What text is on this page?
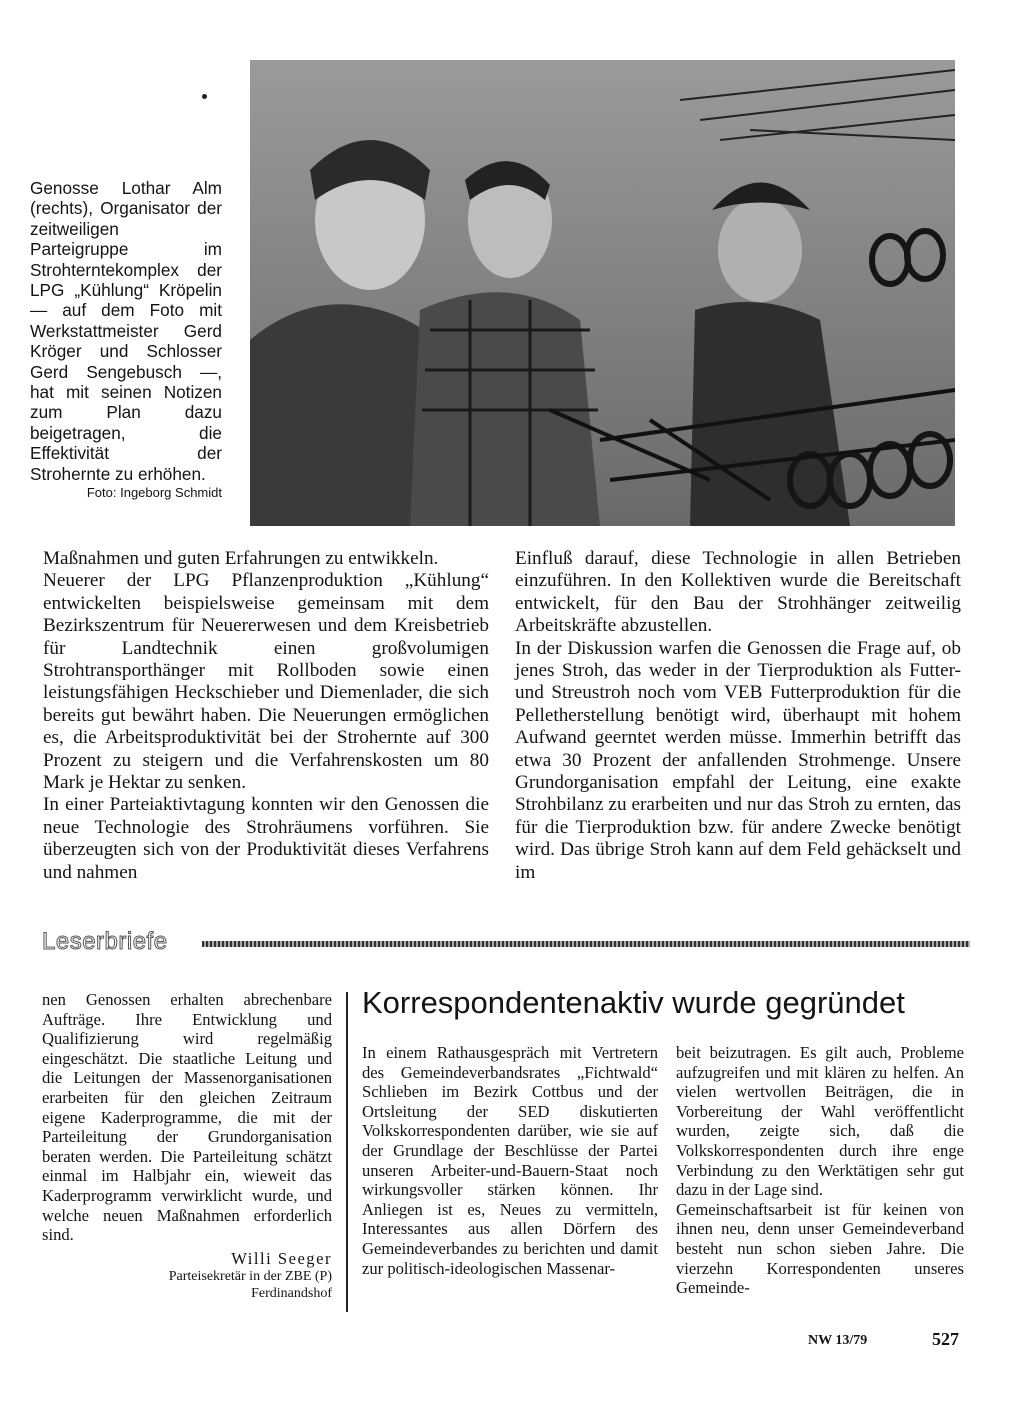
Genosse Lothar Alm (rechts), Organisator der zeitweiligen Parteigruppe im Strohterntekomplex der LPG „Kühlung“ Kröpelin — auf dem Foto mit Werkstattmeister Gerd Kröger und Schlosser Gerd Sengebusch —, hat mit seinen Notizen zum Plan dazu beigetragen, die Effektivität der Strohernte zu erhöhen.
Foto: Ingeborg Schmidt

Maßnahmen und guten Erfahrungen zu entwikkeln.

Neuerer der LPG Pflanzenproduktion „Kühlung“ entwickelten beispielsweise gemeinsam mit dem Bezirkszentrum für Neuererwesen und dem Kreisbetrieb für Landtechnik einen großvolumigen Strohtransporthänger mit Rollboden sowie einen leistungsfähigen Heckschieber und Diemenlader, die sich bereits gut bewährt haben. Die Neuerungen ermöglichen es, die Arbeitsproduktivität bei der Strohernte auf 300 Prozent zu steigern und die Verfahrenskosten um 80 Mark je Hektar zu senken.

In einer Parteiaktivtagung konnten wir den Genossen die neue Technologie des Strohräumens vorführen. Sie überzeugten sich von der Produktivität dieses Verfahrens und nahmen

Einfluß darauf, diese Technologie in allen Betrieben einzuführen. In den Kollektiven wurde die Bereitschaft entwickelt, für den Bau der Strohhänger zeitweilig Arbeitskräfte abzustellen.

In der Diskussion warfen die Genossen die Frage auf, ob jenes Stroh, das weder in der Tierproduktion als Futter- und Streustroh noch vom VEB Futterproduktion für die Pelletherstellung benötigt wird, überhaupt mit hohem Aufwand geerntet werden müsse. Immerhin betrifft das etwa 30 Prozent der anfallenden Strohmenge. Unsere Grundorganisation empfahl der Leitung, eine exakte Strohbilanz zu erarbeiten und nur das Stroh zu ernten, das für die Tierproduktion bzw. für andere Zwecke benötigt wird. Das übrige Stroh kann auf dem Feld gehäckselt und im

Leserbriefe

nen Genossen erhalten abrechenbare Aufträge. Ihre Entwicklung und Qualifizierung wird regelmäßig eingeschätzt. Die staatliche Leitung und die Leitungen der Massenorganisationen erarbeiten für den gleichen Zeitraum eigene Kaderprogramme, die mit der Parteileitung der Grundorganisation beraten werden. Die Parteileitung schätzt einmal im Halbjahr ein, wieweit das Kaderprogramm verwirklicht wurde, und welche neuen Maßnahmen erforderlich sind.

Willi Seeger

Parteisekretär in der ZBE (P)

Ferdinandshof

Korrespondentenaktiv wurde gegründet

In einem Rathausgespräch mit Vertretern des Gemeindeverbandsrates „Fichtwald“ Schlieben im Bezirk Cottbus und der Ortsleitung der SED diskutierten Volkskorrespondenten darüber, wie sie auf der Grundlage der Beschlüsse der Partei unseren Arbeiter-und-Bauern-Staat noch wirkungsvoller stärken können. Ihr Anliegen ist es, Neues zu vermitteln, Interessantes aus allen Dörfern des Gemeindeverbandes zu berichten und damit zur politisch-ideologischen Massenar-

beit beizutragen. Es gilt auch, Probleme aufzugreifen und mit klären zu helfen. An vielen wertvollen Beiträgen, die in Vorbereitung der Wahl veröffentlicht wurden, zeigte sich, daß die Volkskorrespondenten durch ihre enge Verbindung zu den Werktätigen sehr gut dazu in der Lage sind.

Gemeinschaftsarbeit ist für keinen von ihnen neu, denn unser Gemeindeverband besteht nun schon sieben Jahre. Die vierzehn Korrespondenten unseres Gemeinde-

NW 13/79	527
